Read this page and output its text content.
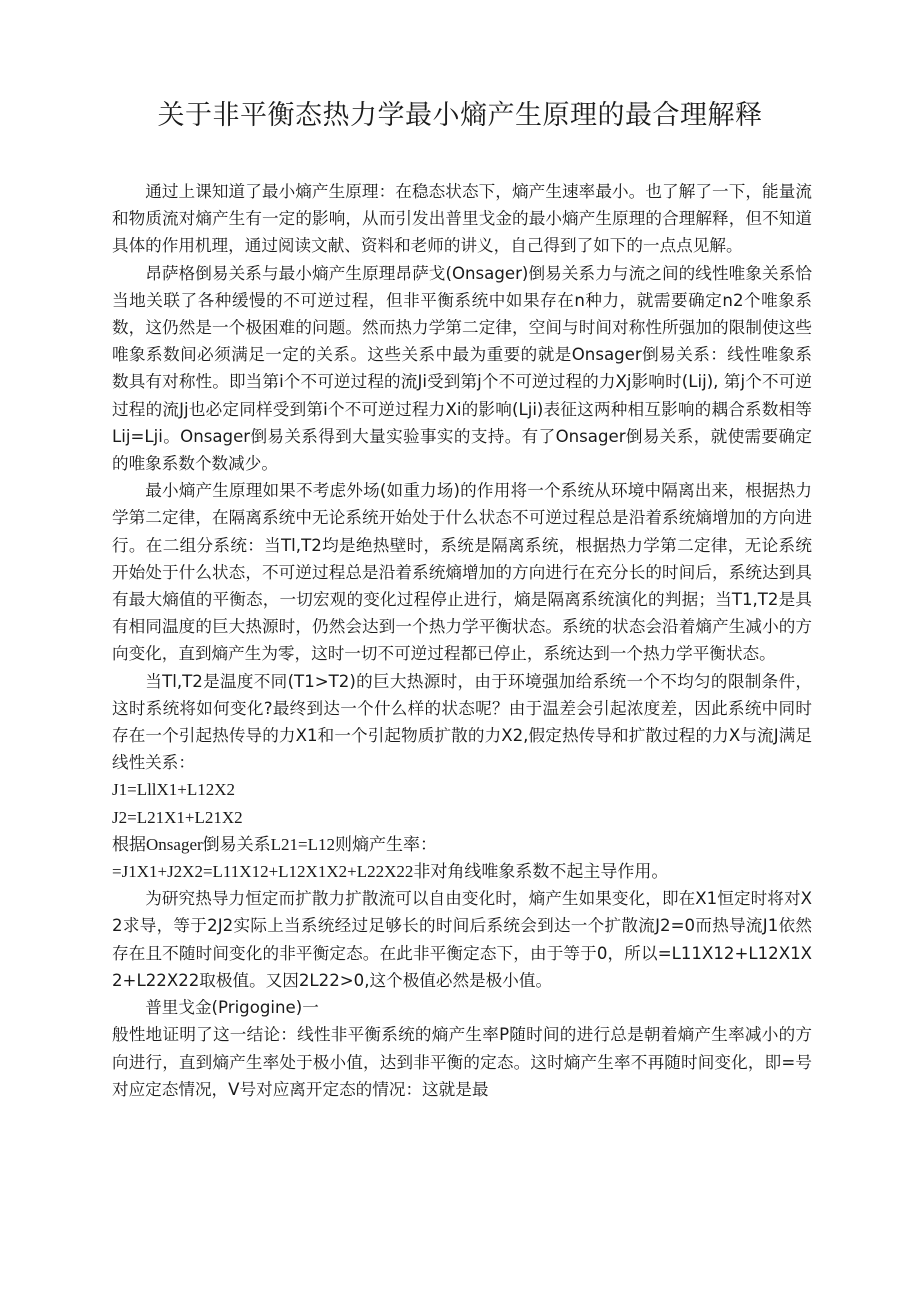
关于非平衡态热力学最小熵产生原理的最合理解释

通过上课知道了最小熵产生原理：在稳态状态下，熵产生速率最小。也了解了一下，能量流和物质流对熵产生有一定的影响，从而引发出普里戈金的最小熵产生原理的合理解释，但不知道具体的作用机理，通过阅读文献、资料和老师的讲义，自己得到了如下的一点点见解。

昂萨格倒易关系与最小熵产生原理昂萨戈(Onsager)倒易关系力与流之间的线性唯象关系恰当地关联了各种缓慢的不可逆过程，但非平衡系统中如果存在n种力，就需要确定n2个唯象系数，这仍然是一个极困难的问题。然而热力学第二定律，空间与时间对称性所强加的限制使这些唯象系数间必须满足一定的关系。这些关系中最为重要的就是Onsager倒易关系：线性唯象系数具有对称性。即当第i个不可逆过程的流Ji受到第j个不可逆过程的力Xj影响时(Lij), 第j个不可逆过程的流Jj也必定同样受到第i个不可逆过程力Xi的影响(Lji)表征这两种相互影响的耦合系数相等Lij=Lji。Onsager倒易关系得到大量实验事实的支持。有了Onsager倒易关系，就使需要确定的唯象系数个数减少。

最小熵产生原理如果不考虑外场(如重力场)的作用将一个系统从环境中隔离出来，根据热力学第二定律，在隔离系统中无论系统开始处于什么状态不可逆过程总是沿着系统熵增加的方向进行。在二组分系统：当Tl,T2均是绝热壁时，系统是隔离系统，根据热力学第二定律，无论系统开始处于什么状态，不可逆过程总是沿着系统熵增加的方向进行在充分长的时间后，系统达到具有最大熵值的平衡态，一切宏观的变化过程停止进行，熵是隔离系统演化的判据；当T1,T2是具有相同温度的巨大热源时，仍然会达到一个热力学平衡状态。系统的状态会沿着熵产生减小的方向变化，直到熵产生为零，这时一切不可逆过程都已停止，系统达到一个热力学平衡状态。

当Tl,T2是温度不同(T1>T2)的巨大热源时，由于环境强加给系统一个不均匀的限制条件，这时系统将如何变化?最终到达一个什么样的状态呢？由于温差会引起浓度差，因此系统中同时存在一个引起热传导的力X1和一个引起物质扩散的力X2,假定热传导和扩散过程的力X与流J满足线性关系：

J1=LllX1+L12X2

J2=L21X1+L21X2

根据Onsager倒易关系L21=L12则熵产生率：

=J1X1+J2X2=L11X12+L12X1X2+L22X22非对角线唯象系数不起主导作用。

为研究热导力恒定而扩散力扩散流可以自由变化时，熵产生如果变化，即在X1恒定时将对X2求导，等于2J2实际上当系统经过足够长的时间后系统会到达一个扩散流J2=0而热导流J1依然存在且不随时间变化的非平衡定态。在此非平衡定态下，由于等于0，所以=L11X12+L12X1X2+L22X22取极值。又因2L22>0,这个极值必然是极小值。

普里戈金(Prigogine)一

般性地证明了这一结论：线性非平衡系统的熵产生率P随时间的进行总是朝着熵产生率减小的方向进行，直到熵产生率处于极小值，达到非平衡的定态。这时熵产生率不再随时间变化，即=号对应定态情况，V号对应离开定态的情况：这就是最
